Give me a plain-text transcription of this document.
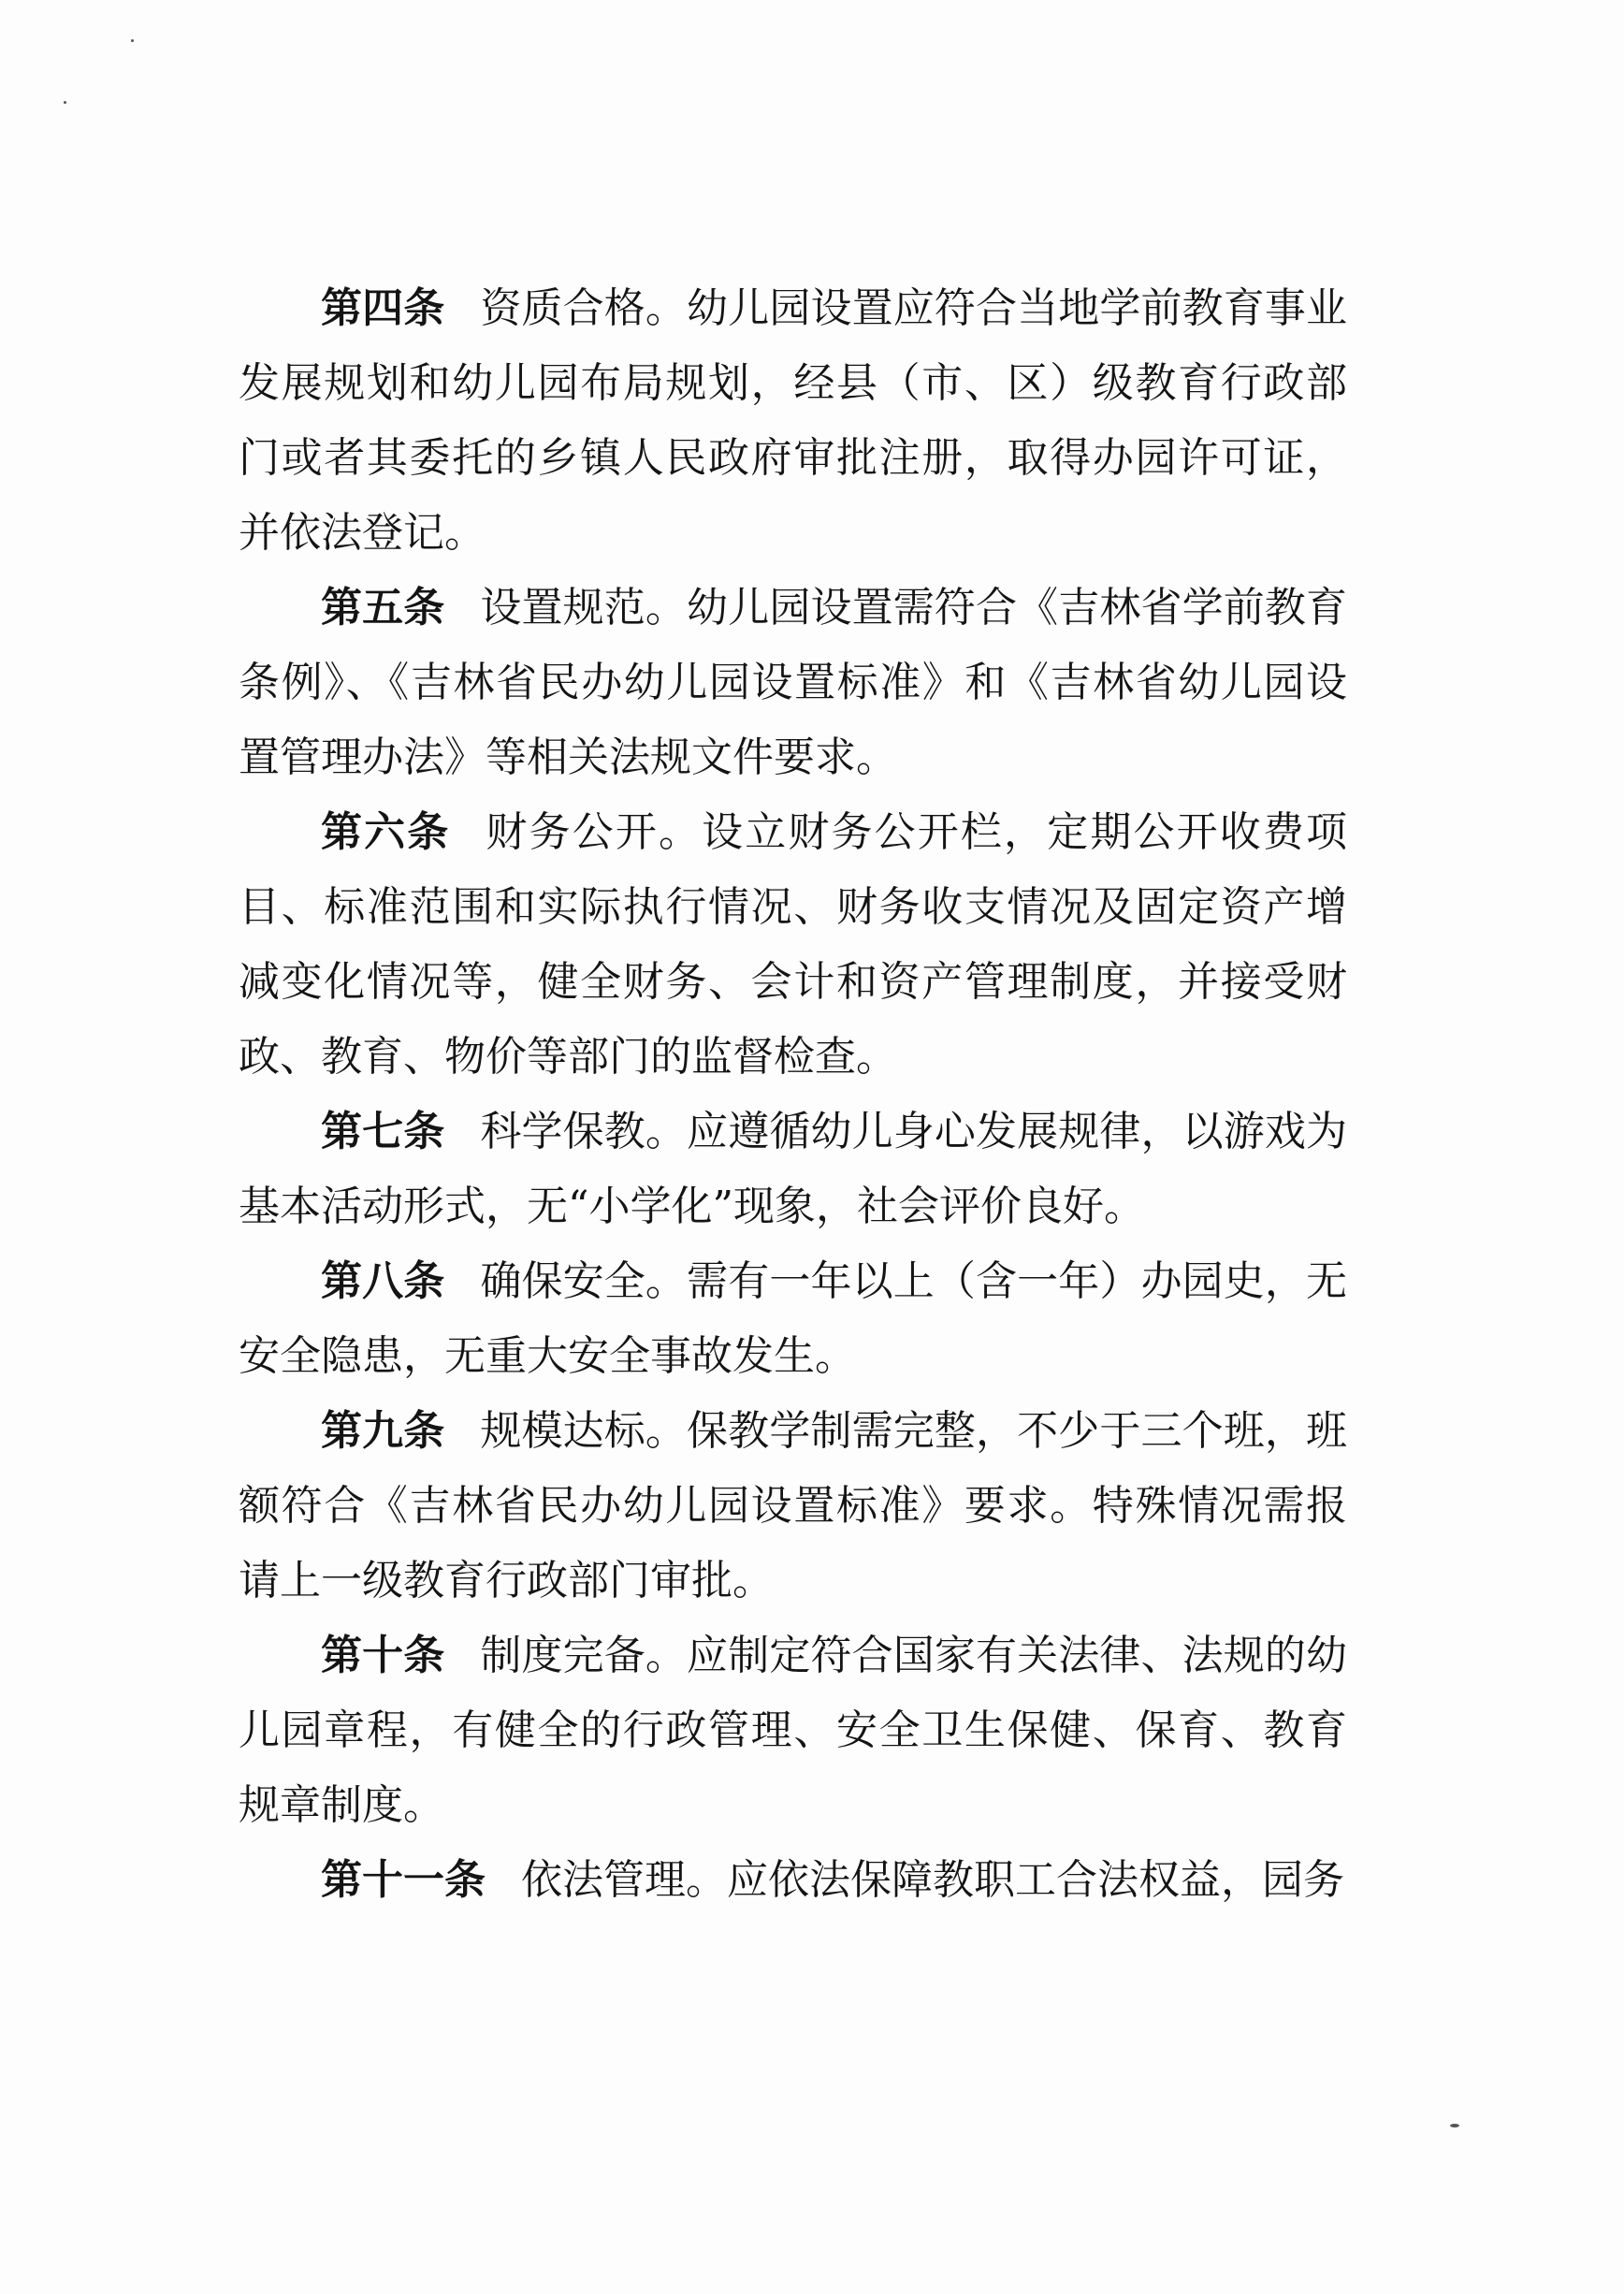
第四条 资质合格。幼儿园设置应符合当地学前教育事业发展规划和幼儿园布局规划，经县（市、区）级教育行政部门或者其委托的乡镇人民政府审批注册，取得办园许可证，并依法登记。

第五条 设置规范。幼儿园设置需符合《吉林省学前教育条例》、《吉林省民办幼儿园设置标准》和《吉林省幼儿园设置管理办法》等相关法规文件要求。

第六条 财务公开。设立财务公开栏，定期公开收费项目、标准范围和实际执行情况、财务收支情况及固定资产增减变化情况等，健全财务、会计和资产管理制度，并接受财政、教育、物价等部门的监督检查。

第七条 科学保教。应遵循幼儿身心发展规律，以游戏为基本活动形式，无“小学化”现象，社会评价良好。

第八条 确保安全。需有一年以上（含一年）办园史，无安全隐患，无重大安全事故发生。

第九条 规模达标。保教学制需完整，不少于三个班，班额符合《吉林省民办幼儿园设置标准》要求。特殊情况需报请上一级教育行政部门审批。

第十条 制度完备。应制定符合国家有关法律、法规的幼儿园章程，有健全的行政管理、安全卫生保健、保育、教育规章制度。

第十一条 依法管理。应依法保障教职工合法权益，园务
